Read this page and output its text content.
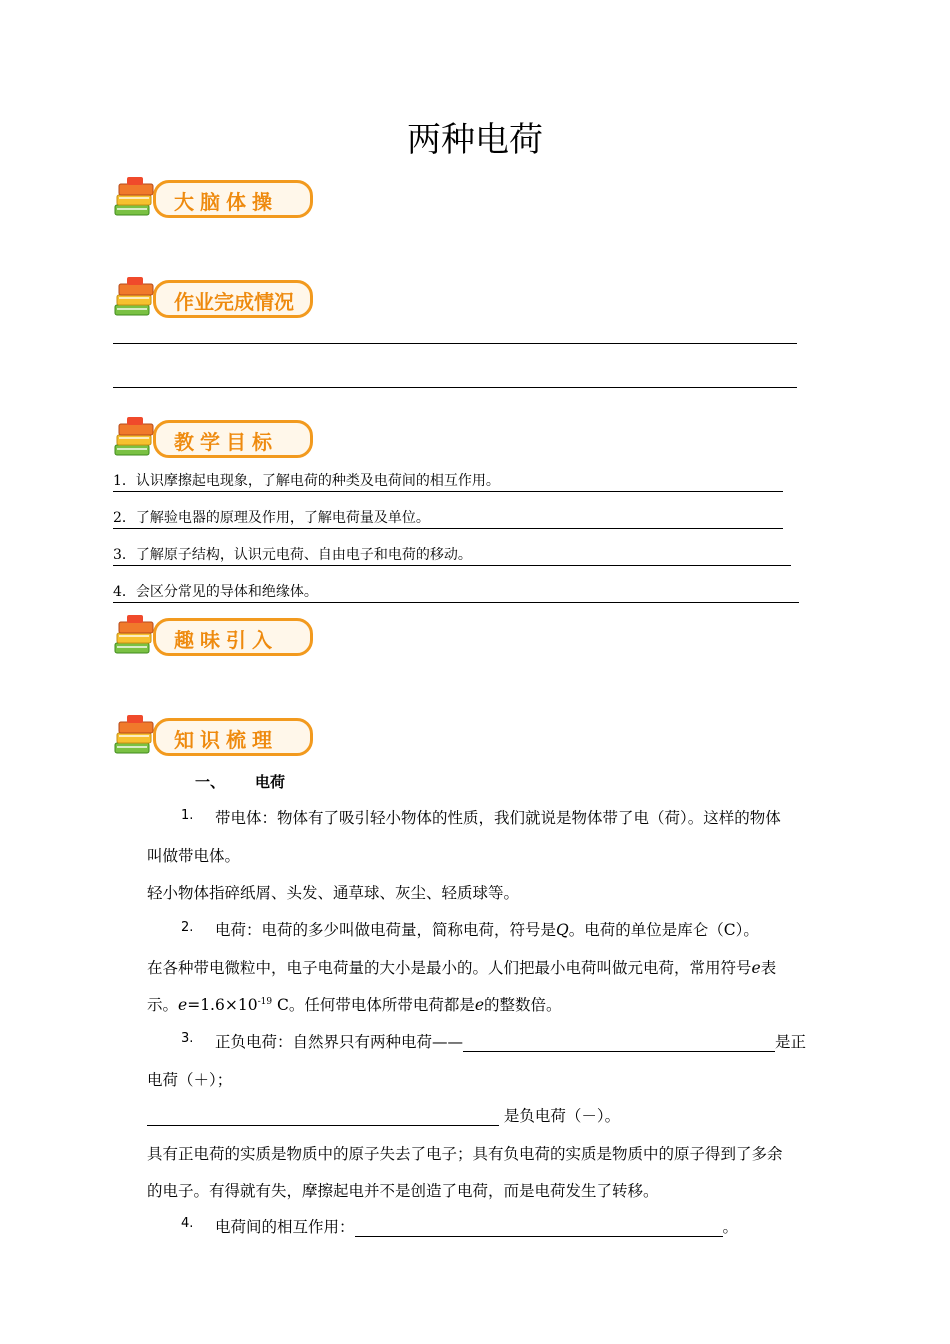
两种电荷
大脑体操
作业完成情况
教学目标
1．认识摩擦起电现象，了解电荷的种类及电荷间的相互作用。
2．了解验电器的原理及作用，了解电荷量及单位。
3．了解原子结构，认识元电荷、自由电子和电荷的移动。
4．会区分常见的导体和绝缘体。
趣味引入
知识梳理
一、 电荷
1. 带电体：物体有了吸引轻小物体的性质，我们就说是物体带了电（荷）。这样的物体
叫做带电体。
轻小物体指碎纸屑、头发、通草球、灰尘、轻质球等。
2. 电荷：电荷的多少叫做电荷量，简称电荷，符号是Q。电荷的单位是库仑（C）。
在各种带电微粒中，电子电荷量的大小是最小的。人们把最小电荷叫做元电荷，常用符号e表
示。$e=1.6\times 10^{-19}$ C。任何带电体所带电荷都是e的整数倍。
3. 正负电荷：自然界只有两种电荷——	是正
电荷（＋）；
是负电荷（－）。
具有正电荷的实质是物质中的原子失去了电子；具有负电荷的实质是物质中的原子得到了多余
的电子。有得就有失，摩擦起电并不是创造了电荷，而是电荷发生了转移。
4. 电荷间的相互作用：	。
